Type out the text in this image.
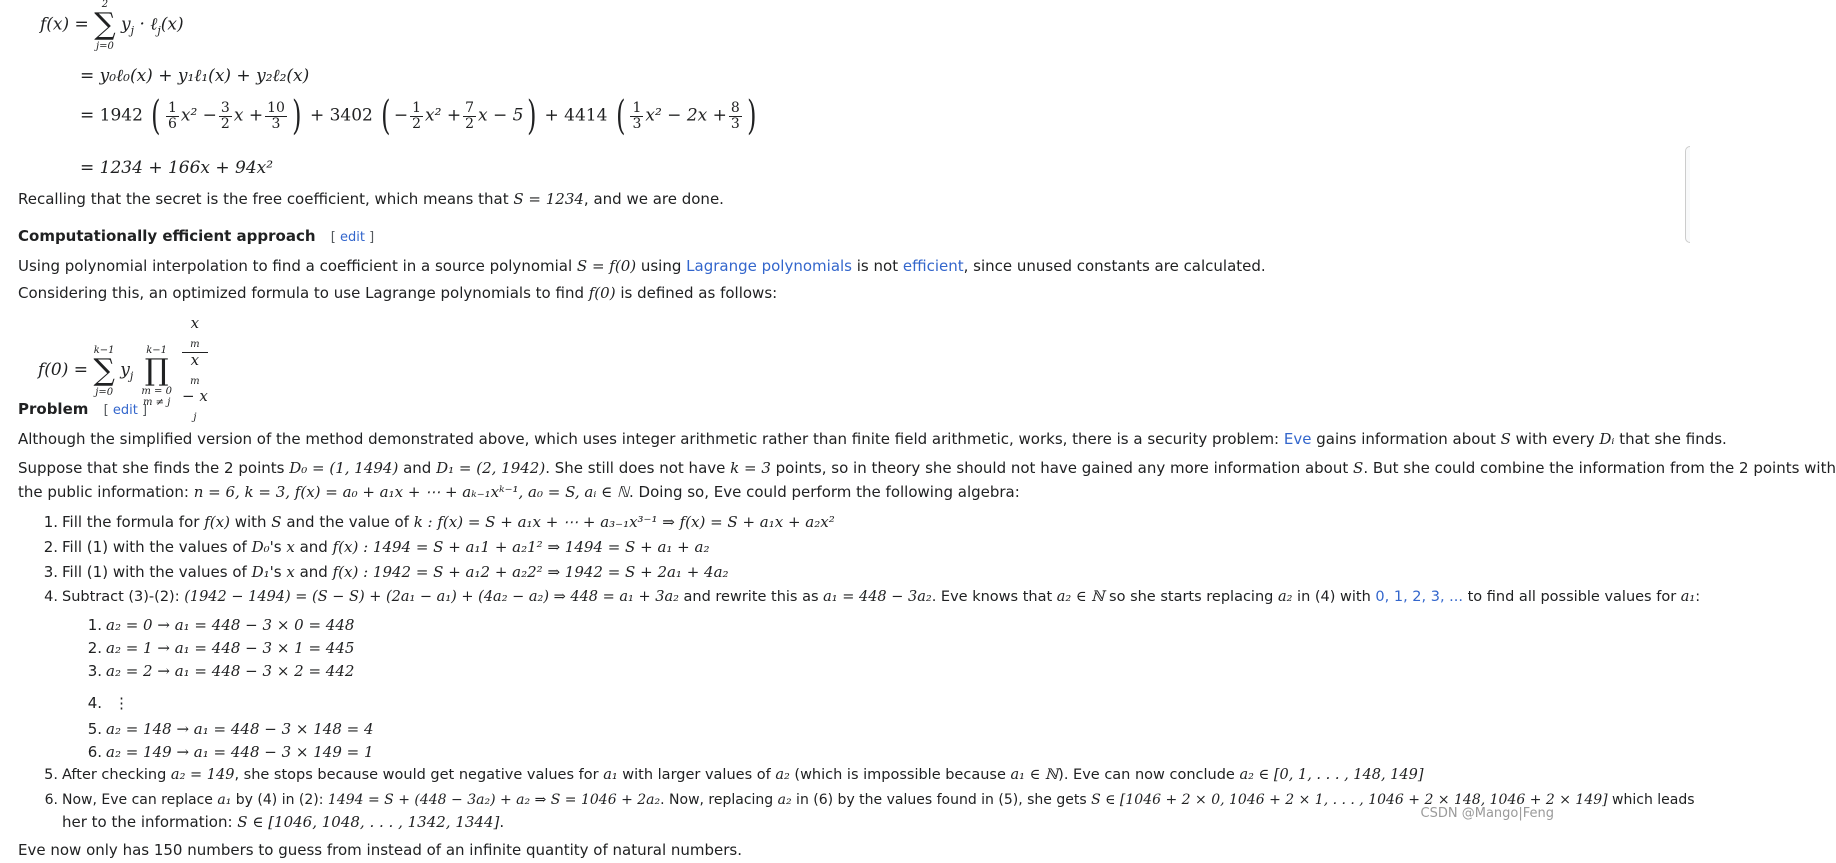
f(x) = ∑
2
j=0
$y_j$ · ℓ$_j$(x)
= y₀ℓ₀(x) + y₁ℓ₁(x) + y₂ℓ₂(x)
= 1942 ( $\frac{1}{6} x^2 - \frac{3}{2}$ $x + \frac{10}{3}$ ) + 3402 ( − $\frac{1}{2} x^2 + \frac{7}{2}$ x − 5) + 4414 ( $\frac{1}{3} x^2 - 2x + \frac{8}{3}$ )
= 1234 + 166x + 94x²
Recalling that the secret is the free coefficient, which means that S = 1234, and we are done.
Computationally efficient approach [ edit ]
Using polynomial interpolation to find a coefficient in a source polynomial S = f(0) using Lagrange polynomials is not efficient, since unused constants are calculated.
Considering this, an optimized formula to use Lagrange polynomials to find f(0) is defined as follows:
f(0) = ∑
k−1
j=0
$y_j$ ∏
k−1
m = 0
m ≠ j
x
$_m$
x
$_m$
− x
$_j$
Problem [ edit ]
Although the simplified version of the method demonstrated above, which uses integer arithmetic rather than finite field arithmetic, works, there is a security problem: Eve gains information about S with every Dᵢ that she finds.
Suppose that she finds the 2 points D₀ = (1, 1494) and D₁ = (2, 1942). She still does not have k = 3 points, so in theory she should not have gained any more information about S. But she could combine the information from the 2 points with
the public information: n = 6, k = 3, f(x) = a₀ + a₁x + ⋯ + aₖ₋₁xᵏ⁻¹, a₀ = S, aᵢ ∈ ℕ. Doing so, Eve could perform the following algebra:
1. Fill the formula for f(x) with S and the value of k : f(x) = S + a₁x + ⋯ + a₃₋₁x³⁻¹ ⇒ f(x) = S + a₁x + a₂x²
2. Fill (1) with the values of D₀'s x and f(x) : 1494 = S + a₁1 + a₂1² ⇒ 1494 = S + a₁ + a₂
3. Fill (1) with the values of D₁'s x and f(x) : 1942 = S + a₁2 + a₂2² ⇒ 1942 = S + 2a₁ + 4a₂
4. Subtract (3)-(2): (1942 − 1494) = (S − S) + (2a₁ − a₁) + (4a₂ − a₂) ⇒ 448 = a₁ + 3a₂ and rewrite this as a₁ = 448 − 3a₂. Eve knows that a₂ ∈ ℕ so she starts replacing a₂ in (4) with 0, 1, 2, 3, ... to find all possible values for a₁:
1. a₂ = 0 → a₁ = 448 − 3 × 0 = 448
2. a₂ = 1 → a₁ = 448 − 3 × 1 = 445
3. a₂ = 2 → a₁ = 448 − 3 × 2 = 442
4. ⋮
5. a₂ = 148 → a₁ = 448 − 3 × 148 = 4
6. a₂ = 149 → a₁ = 448 − 3 × 149 = 1
5. After checking a₂ = 149, she stops because would get negative values for a₁ with larger values of a₂ (which is impossible because a₁ ∈ ℕ). Eve can now conclude a₂ ∈ [0, 1, . . . , 148, 149]
6. Now, Eve can replace a₁ by (4) in (2): 1494 = S + (448 − 3a₂) + a₂ ⇒ S = 1046 + 2a₂. Now, replacing a₂ in (6) by the values found in (5), she gets S ∈ [1046 + 2 × 0, 1046 + 2 × 1, . . . , 1046 + 2 × 148, 1046 + 2 × 149] which leads
her to the information: S ∈ [1046, 1048, . . . , 1342, 1344].
Eve now only has 150 numbers to guess from instead of an infinite quantity of natural numbers.
CSDN @Mango|Feng
